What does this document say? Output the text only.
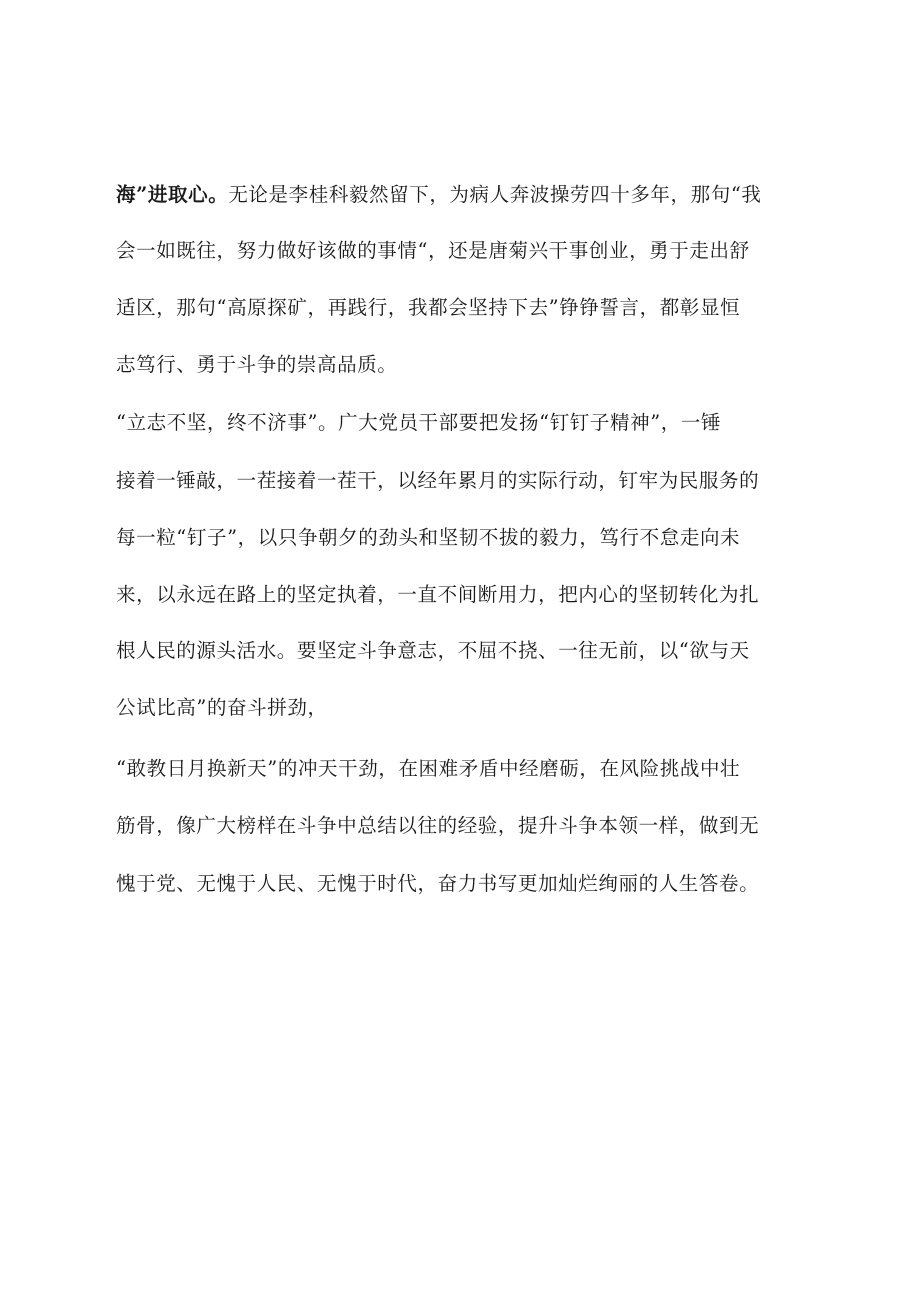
海”进取心。无论是李桂科毅然留下，为病人奔波操劳四十多年，那句“我

会一如既往，努力做好该做的事情“，还是唐菊兴干事创业，勇于走出舒

适区，那句“高原探矿，再践行，我都会坚持下去”铮铮誓言，都彰显恒

志笃行、勇于斗争的崇高品质。

“立志不坚，终不济事”。广大党员干部要把发扬“钉钉子精神”，一锤

接着一锤敲，一茬接着一茬干，以经年累月的实际行动，钉牢为民服务的

每一粒“钉子”，以只争朝夕的劲头和坚韧不拔的毅力，笃行不怠走向未

来，以永远在路上的坚定执着，一直不间断用力，把内心的坚韧转化为扎

根人民的源头活水。要坚定斗争意志，不屈不挠、一往无前，以“欲与天

公试比高”的奋斗拼劲，

“敢教日月换新天”的冲天干劲，在困难矛盾中经磨砺，在风险挑战中壮

筋骨，像广大榜样在斗争中总结以往的经验，提升斗争本领一样，做到无

愧于党、无愧于人民、无愧于时代，奋力书写更加灿烂绚丽的人生答卷。
